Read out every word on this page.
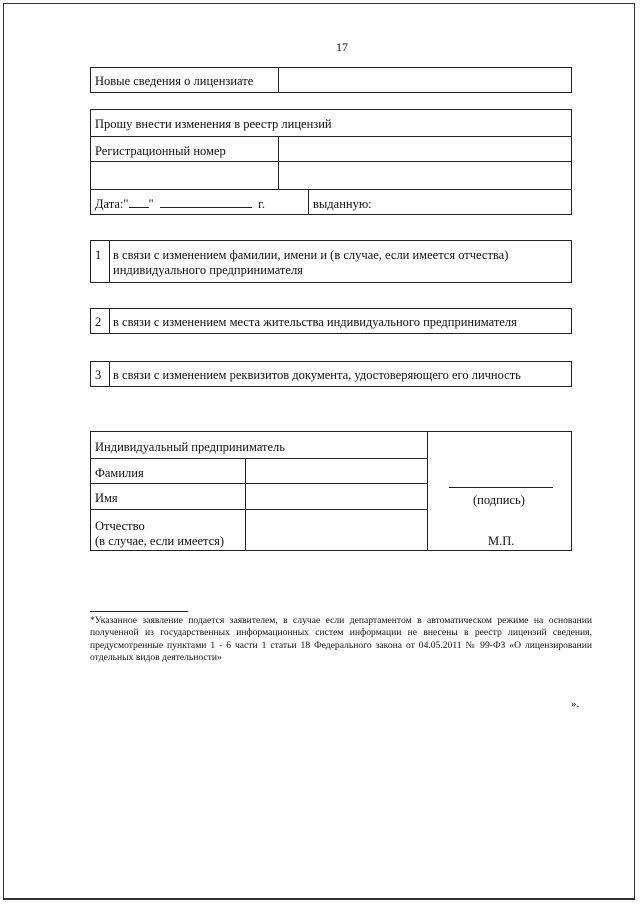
17
Новые сведения о лицензиате
Прошу внести изменения в реестр лицензий
Регистрационный номер
Дата:" "	г.	выданную:
1 в связи с изменением фамилии, имени и (в случае, если имеется отчества)
индивидуального предпринимателя
2 в связи с изменением места жительства индивидуального предпринимателя
3 в связи с изменением реквизитов документа, удостоверяющего его личность
Индивидуальный предприниматель
Фамилия
Имя
Отчество
(в случае, если имеется)
(подпись)
М.П.
*Указанное заявление подается заявителем, в случае если департаментом в автоматическом режиме на основании полученной из государственных информационных систем информации не внесены в реестр лицензий сведения, предусмотренные пунктами 1 - 6 части 1 статьи 18 Федерального закона от 04.05.2011 № 99-ФЗ «О лицензировании отдельных видов деятельности»
».
